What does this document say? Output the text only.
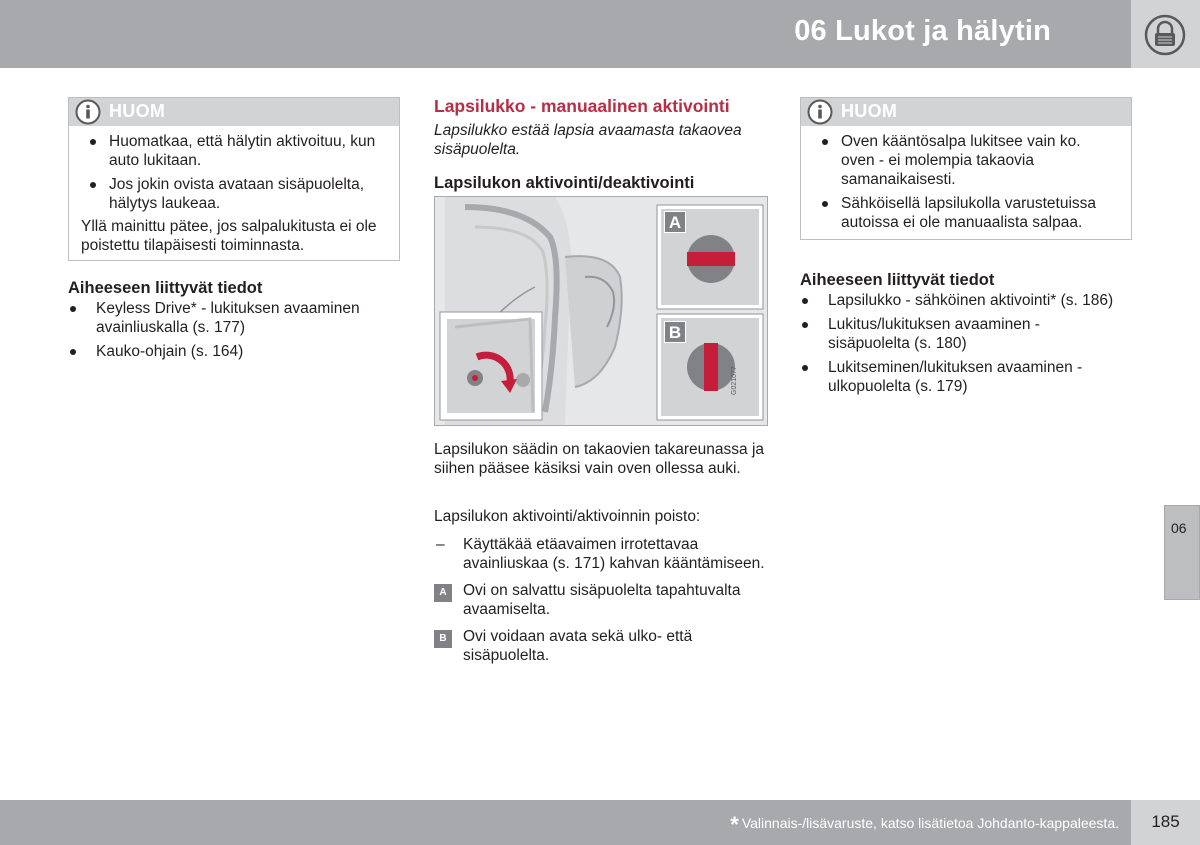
06 Lukot ja hälytin
HUOM
Huomatkaa, että hälytin aktivoituu, kun auto lukitaan.
Jos jokin ovista avataan sisäpuolelta, hälytys laukeaa.

Yllä mainittu pätee, jos salpalukitusta ei ole poistettu tilapäisesti toiminnasta.

Aiheeseen liittyvät tiedot
Keyless Drive* - lukituksen avaaminen avainliuskalla (s. 177)
Kauko-ohjain (s. 164)
Lapsilukko - manuaalinen aktivointi

Lapsilukko estää lapsia avaamasta takaovea sisäpuolelta.

Lapsilukon aktivointi/deaktivointi
A
B
G021077

Lapsilukon säädin on takaovien takareunassa ja siihen pääsee käsiksi vain oven ollessa auki.

Lapsilukon aktivointi/aktivoinnin poisto:

– Käyttäkää etäavaimen irrotettavaa avainliuskaa (s. 171) kahvan kääntämiseen.

A	Ovi on salvattu sisäpuolelta tapahtuvalta avaamiselta.

B	Ovi voidaan avata sekä ulko- että sisäpuolelta.

HUOM
Oven kääntösalpa lukitsee vain ko. oven - ei molempia takaovia samanaikaisesti.
Sähköisellä lapsilukolla varustetuissa autoissa ei ole manuaalista salpaa.
Aiheeseen liittyvät tiedot
Lapsilukko - sähköinen aktivointi* (s. 186)
Lukitus/lukituksen avaaminen - sisäpuolelta (s. 180)
Lukitseminen/lukituksen avaaminen - ulkopuolelta (s. 179)
06
* Valinnais-/lisävaruste, katso lisätietoa Johdanto-kappaleesta.	185
